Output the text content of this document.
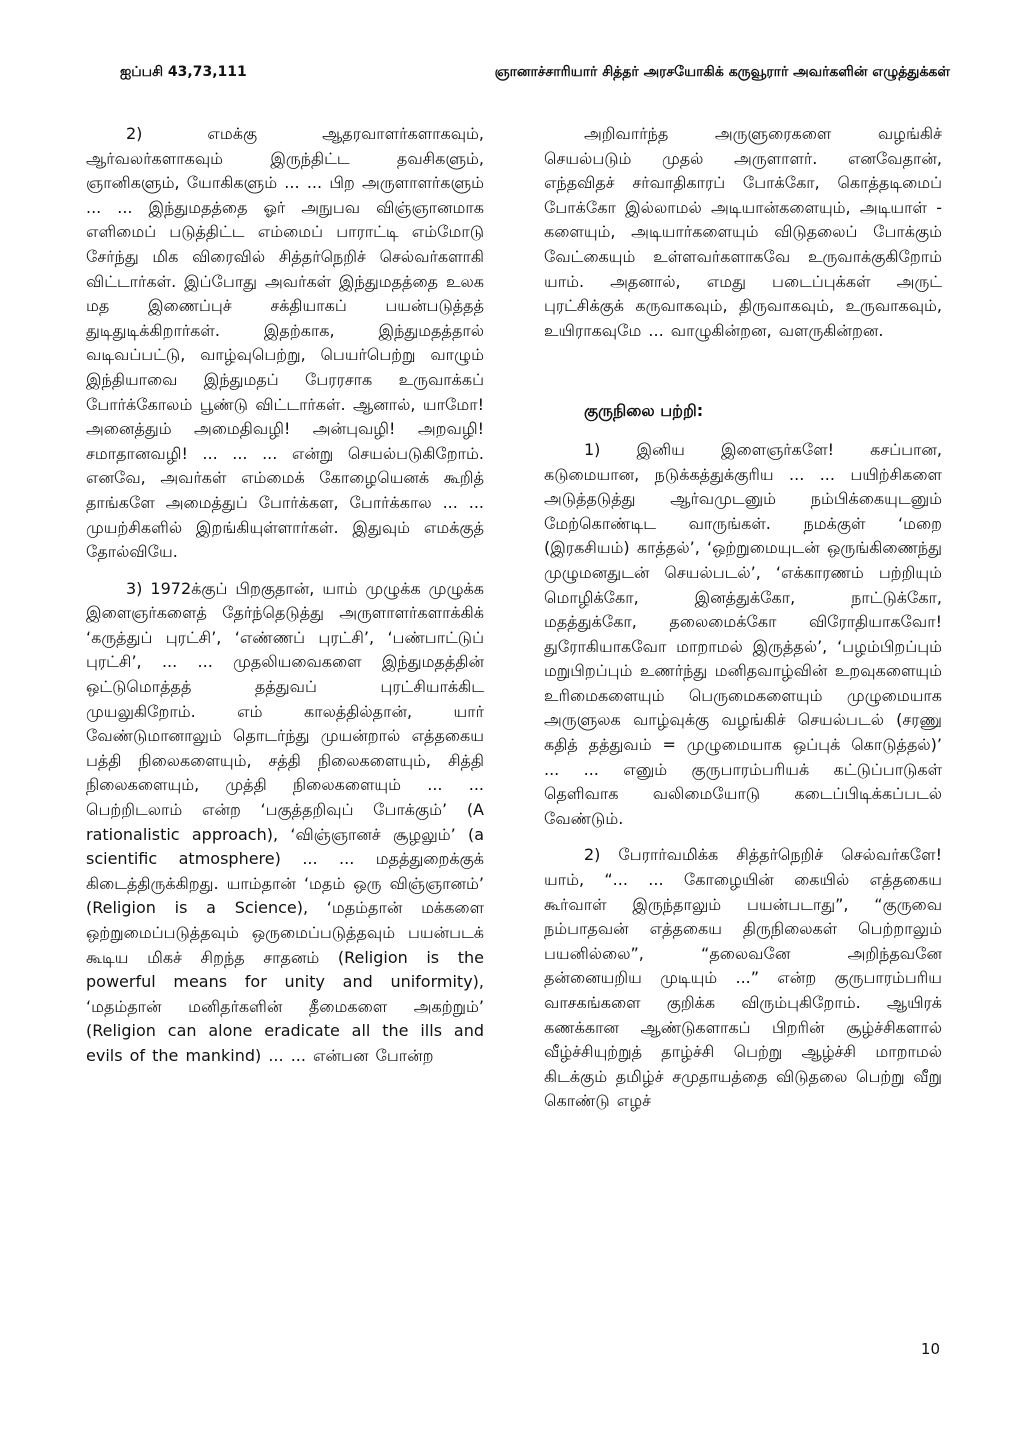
ஐப்பசி 43,73,111	ஞானாச்சாரியார் சித்தர் அரசயோகிக் கருவூரார் அவர்களின் எழுத்துக்கள்

2) எமக்கு ஆதரவாளர்களாகவும், ஆர்வலர்களாகவும் இருந்திட்ட தவசிகளும், ஞானிகளும், யோகிகளும் ... ... பிற அருளாளர்களும் ... ... இந்துமதத்தை ஓர் அநுபவ விஞ்ஞானமாக எளிமைப் படுத்திட்ட எம்மைப் பாராட்டி எம்மோடு சேர்ந்து மிக விரைவில் சித்தர்நெறிச் செல்வர்களாகி விட்டார்கள். இப்போது அவர்கள் இந்துமதத்தை உலக மத இணைப்புச் சக்தியாகப் பயன்படுத்தத் துடிதுடிக்கிறார்கள். இதற்காக, இந்துமதத்தால் வடிவப்பட்டு, வாழ்வுபெற்று, பெயர்பெற்று வாழும் இந்தியாவை இந்துமதப் பேரரசாக உருவாக்கப் போர்க்கோலம் பூண்டு விட்டார்கள். ஆனால், யாமோ! அனைத்தும் அமைதிவழி! அன்புவழி! அறவழி! சமாதானவழி! ... ... ... என்று செயல்படுகிறோம். எனவே, அவர்கள் எம்மைக் கோழையெனக் கூறித் தாங்களே அமைத்துப் போர்க்கள, போர்க்கால ... ... முயற்சிகளில் இறங்கியுள்ளார்கள். இதுவும் எமக்குத் தோல்வியே.

3) 1972க்குப் பிறகுதான், யாம் முழுக்க முழுக்க இளைஞர்களைத் தேர்ந்தெடுத்து அருளாளர்களாக்கிக் ‘கருத்துப் புரட்சி’, ‘எண்ணப் புரட்சி’, ‘பண்பாட்டுப் புரட்சி’, ... ... முதலியவைகளை இந்துமதத்தின் ஒட்டுமொத்தத் தத்துவப் புரட்சியாக்கிட முயலுகிறோம். எம் காலத்தில்தான், யார் வேண்டுமானாலும் தொடர்ந்து முயன்றால் எத்தகைய பத்தி நிலைகளையும், சத்தி நிலைகளையும், சித்தி நிலைகளையும், முத்தி நிலைகளையும் ... ... பெற்றிடலாம் என்ற ‘பகுத்தறிவுப் போக்கும்’ (A rationalistic approach), ‘விஞ்ஞானச் சூழலும்’ (a scientific atmosphere) ... ... மதத்துறைக்குக் கிடைத்திருக்கிறது. யாம்தான் ‘மதம் ஒரு விஞ்ஞானம்’ (Religion is a Science), ‘மதம்தான் மக்களை ஒற்றுமைப்படுத்தவும் ஒருமைப்படுத்தவும் பயன்படக் கூடிய மிகச் சிறந்த சாதனம் (Religion is the powerful means for unity and uniformity), ‘மதம்தான் மனிதர்களின் தீமைகளை அகற்றும்’ (Religion can alone eradicate all the ills and evils of the mankind) ... ... என்பன போன்ற

அறிவார்ந்த அருளுரைகளை வழங்கிச் செயல்படும் முதல் அருளாளர். எனவேதான், எந்தவிதச் சர்வாதிகாரப் போக்கோ, கொத்தடிமைப் போக்கோ இல்லாமல் அடியான்களையும், அடியாள் - களையும், அடியார்களையும் விடுதலைப் போக்கும் வேட்கையும் உள்ளவர்களாகவே உருவாக்குகிறோம் யாம். அதனால், எமது படைப்புக்கள் அருட் புரட்சிக்குக் கருவாகவும், திருவாகவும், உருவாகவும், உயிராகவுமே ... வாழுகின்றன, வளருகின்றன.

குருநிலை பற்றி:

1) இனிய இளைஞர்களே! கசப்பான, கடுமையான, நடுக்கத்துக்குரிய ... ... பயிற்சிகளை அடுத்தடுத்து ஆர்வமுடனும் நம்பிக்கையுடனும் மேற்கொண்டிட வாருங்கள். நமக்குள் ‘மறை (இரகசியம்) காத்தல்’, ‘ஒற்றுமையுடன் ஒருங்கிணைந்து முழுமனதுடன் செயல்படல்’, ‘எக்காரணம் பற்றியும் மொழிக்கோ, இனத்துக்கோ, நாட்டுக்கோ, மதத்துக்கோ, தலைமைக்கோ விரோதியாகவோ! துரோகியாகவோ மாறாமல் இருத்தல்’, ‘பழம்பிறப்பும் மறுபிறப்பும் உணர்ந்து மனிதவாழ்வின் உறவுகளையும் உரிமைகளையும் பெருமைகளையும் முழுமையாக அருளுலக வாழ்வுக்கு வழங்கிச் செயல்படல் (சரணு கதித் தத்துவம் = முழுமையாக ஒப்புக் கொடுத்தல்)’ ... ... எனும் குருபாரம்பரியக் கட்டுப்பாடுகள் தெளிவாக வலிமையோடு கடைப்பிடிக்கப்படல் வேண்டும்.

2) பேரார்வமிக்க சித்தர்நெறிச் செல்வர்களே! யாம், “... ... கோழையின் கையில் எத்தகைய கூர்வாள் இருந்தாலும் பயன்படாது”, “குருவை நம்பாதவன் எத்தகைய திருநிலைகள் பெற்றாலும் பயனில்லை”, “தலைவனே அறிந்தவனே தன்னையறிய முடியும் ...” என்ற குருபாரம்பரிய வாசகங்களை குறிக்க விரும்புகிறோம். ஆயிரக் கணக்கான ஆண்டுகளாகப் பிறரின் சூழ்ச்சிகளால் வீழ்ச்சியுற்றுத் தாழ்ச்சி பெற்று ஆழ்ச்சி மாறாமல் கிடக்கும் தமிழ்ச் சமுதாயத்தை விடுதலை பெற்று வீறு கொண்டு எழச்

10
